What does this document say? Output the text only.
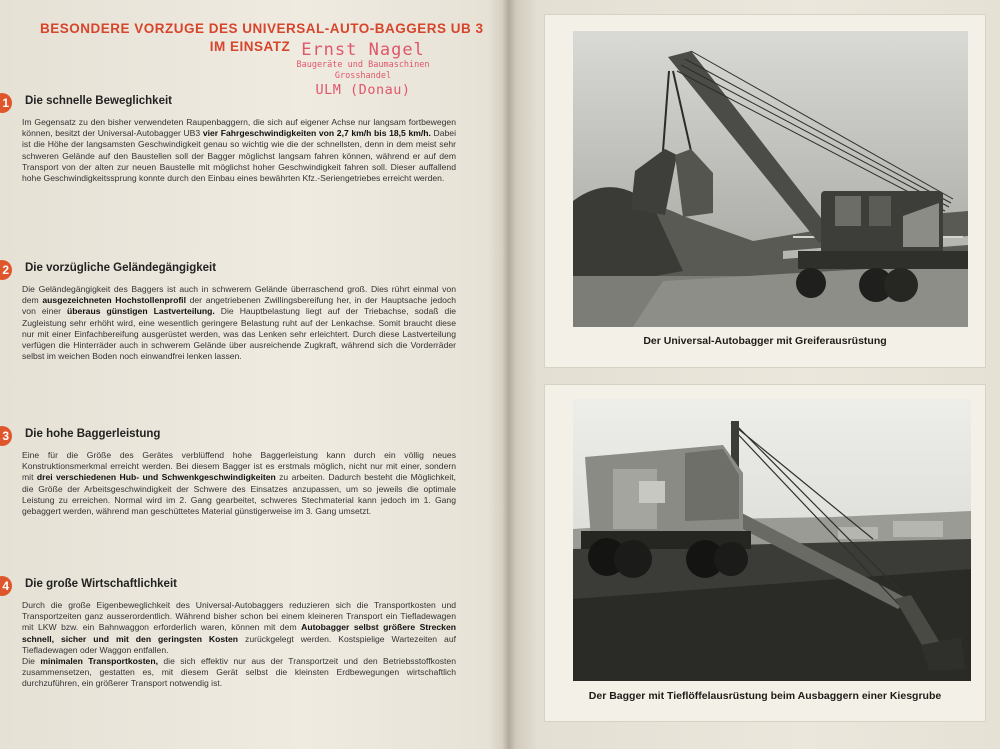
BESONDERE VORZUGE DES UNIVERSAL-AUTO-BAGGERS UB 3
IM EINSATZ Ernst Nagel
Baugeräte und Baumaschinen
Grosshandel
ULM (Donau)
1 Die schnelle Beweglichkeit
Im Gegensatz zu den bisher verwendeten Raupenbaggern, die sich auf eigener Achse nur langsam fortbewegen können, besitzt der Universal-Autobagger UB3 vier Fahrgeschwindigkeiten von 2,7 km/h bis 18,5 km/h. Dabei ist die Höhe der langsamsten Geschwindigkeit genau so wichtig wie die der schnellsten, denn in dem meist sehr schweren Gelände auf den Baustellen soll der Bagger möglichst langsam fahren können, während er auf dem Transport von der alten zur neuen Baustelle mit möglichst hoher Geschwindigkeit fahren soll. Dieser auffallend hohe Geschwindigkeitssprung konnte durch den Einbau eines bewährten Kfz.-Seriengetriebes erreicht werden.
2 Die vorzügliche Geländegängigkeit
Die Geländegängigkeit des Baggers ist auch in schwerem Gelände überraschend groß. Dies rührt einmal von dem ausgezeichneten Hochstollenprofil der angetriebenen Zwillingsbereifung her, in der Hauptsache jedoch von einer überaus günstigen Lastverteilung. Die Hauptbelastung liegt auf der Triebachse, sodaß die Zugleistung sehr erhöht wird, eine wesentlich geringere Belastung ruht auf der Lenkachse. Somit braucht diese nur mit einer Einfachbereifung ausgerüstet werden, was das Lenken sehr erleichtert. Durch diese Lastverteilung verfügen die Hinterräder auch in schwerem Gelände über ausreichende Zugkraft, während sich die Vorderräder selbst im weichen Boden noch einwandfrei lenken lassen.
3 Die hohe Baggerleistung
Eine für die Größe des Gerätes verblüffend hohe Baggerleistung kann durch ein völlig neues Konstruktionsmerkmal erreicht werden. Bei diesem Bagger ist es erstmals möglich, nicht nur mit einer, sondern mit drei verschiedenen Hub- und Schwenkgeschwindigkeiten zu arbeiten. Dadurch besteht die Möglichkeit, die Größe der Arbeitsgeschwindigkeit der Schwere des Einsatzes anzupassen, um so jeweils die optimale Leistung zu erreichen. Normal wird im 2. Gang gearbeitet, schweres Stechmaterial kann jedoch im 1. Gang gebaggert werden, während man geschüttetes Material günstigerweise im 3. Gang umsetzt.
4 Die große Wirtschaftlichkeit
Durch die große Eigenbeweglichkeit des Universal-Autobaggers reduzieren sich die Transportkosten und Transportzeiten ganz ausserordentlich. Während bisher schon bei einem kleineren Transport ein Tiefladewagen mit LKW bzw. ein Bahnwaggon erforderlich waren, können mit dem Autobagger selbst größere Strecken schnell, sicher und mit den geringsten Kosten zurückgelegt werden. Kostspielige Wartezeiten auf Tiefladewagen oder Waggon entfallen.
Die minimalen Transportkosten, die sich effektiv nur aus der Transportzeit und den Betriebsstoffkosten zusammensetzen, gestatten es, mit diesem Gerät selbst die kleinsten Erdbewegungen wirtschaftlich durchzuführen, ein größerer Transport notwendig ist.
Der Universal-Autobagger mit Greiferausrüstung
Der Bagger mit Tieflöffelausrüstung beim Ausbaggern einer Kiesgrube
